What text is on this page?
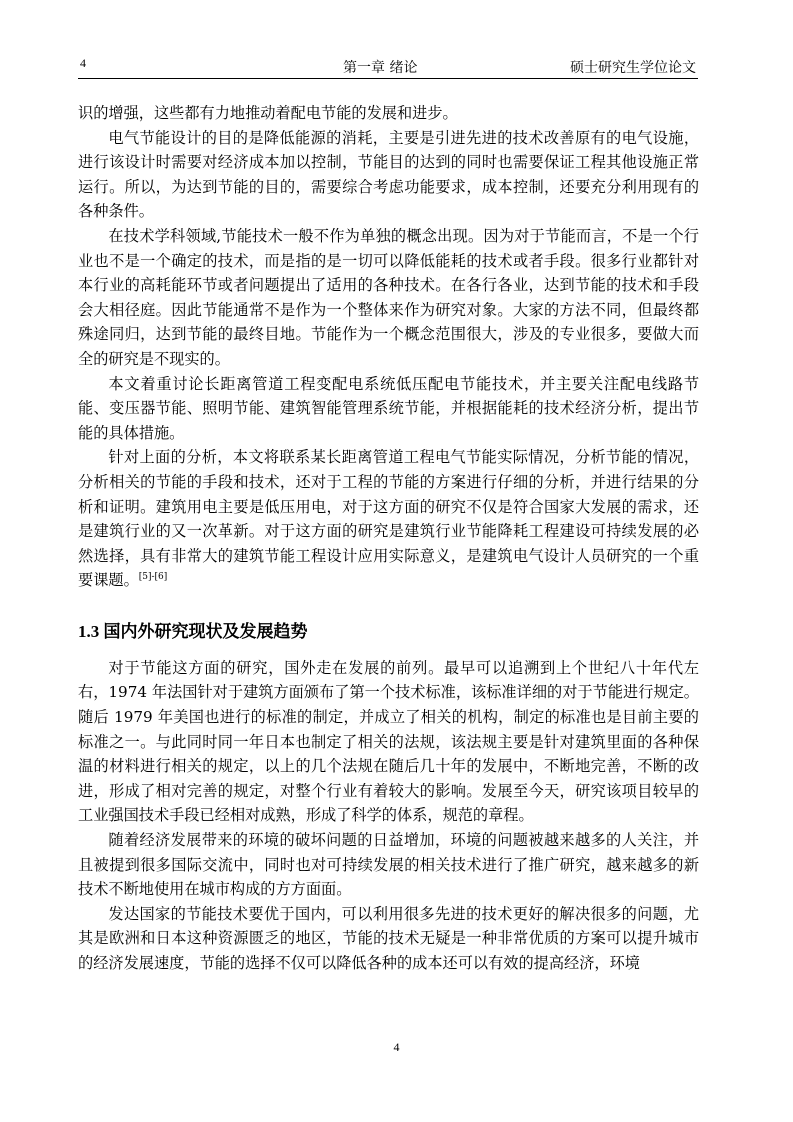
4	第一章 绪论	硕士研究生学位论文

识的增强，这些都有力地推动着配电节能的发展和进步。

电气节能设计的目的是降低能源的消耗，主要是引进先进的技术改善原有的电气设施，进行该设计时需要对经济成本加以控制，节能目的达到的同时也需要保证工程其他设施正常运行。所以，为达到节能的目的，需要综合考虑功能要求，成本控制，还要充分利用现有的各种条件。

在技术学科领域,节能技术一般不作为单独的概念出现。因为对于节能而言，不是一个行业也不是一个确定的技术，而是指的是一切可以降低能耗的技术或者手段。很多行业都针对本行业的高耗能环节或者问题提出了适用的各种技术。在各行各业，达到节能的技术和手段会大相径庭。因此节能通常不是作为一个整体来作为研究对象。大家的方法不同，但最终都殊途同归，达到节能的最终目地。节能作为一个概念范围很大，涉及的专业很多，要做大而全的研究是不现实的。

本文着重讨论长距离管道工程变配电系统低压配电节能技术，并主要关注配电线路节能、变压器节能、照明节能、建筑智能管理系统节能，并根据能耗的技术经济分析，提出节能的具体措施。

针对上面的分析，本文将联系某长距离管道工程电气节能实际情况，分析节能的情况，分析相关的节能的手段和技术，还对于工程的节能的方案进行仔细的分析，并进行结果的分析和证明。建筑用电主要是低压用电，对于这方面的研究不仅是符合国家大发展的需求，还是建筑行业的又一次革新。对于这方面的研究是建筑行业节能降耗工程建设可持续发展的必然选择，具有非常大的建筑节能工程设计应用实际意义，是建筑电气设计人员研究的一个重要课题。[5]-[6]

1.3 国内外研究现状及发展趋势

对于节能这方面的研究，国外走在发展的前列。最早可以追溯到上个世纪八十年代左右，1974 年法国针对于建筑方面颁布了第一个技术标准，该标准详细的对于节能进行规定。随后 1979 年美国也进行的标准的制定，并成立了相关的机构，制定的标准也是目前主要的标准之一。与此同时同一年日本也制定了相关的法规，该法规主要是针对建筑里面的各种保温的材料进行相关的规定，以上的几个法规在随后几十年的发展中，不断地完善，不断的改进，形成了相对完善的规定，对整个行业有着较大的影响。发展至今天，研究该项目较早的工业强国技术手段已经相对成熟，形成了科学的体系，规范的章程。

随着经济发展带来的环境的破坏问题的日益增加，环境的问题被越来越多的人关注，并且被提到很多国际交流中，同时也对可持续发展的相关技术进行了推广研究，越来越多的新技术不断地使用在城市构成的方方面面。

发达国家的节能技术要优于国内，可以利用很多先进的技术更好的解决很多的问题，尤其是欧洲和日本这种资源匮乏的地区，节能的技术无疑是一种非常优质的方案可以提升城市的经济发展速度，节能的选择不仅可以降低各种的成本还可以有效的提高经济，环境

4
